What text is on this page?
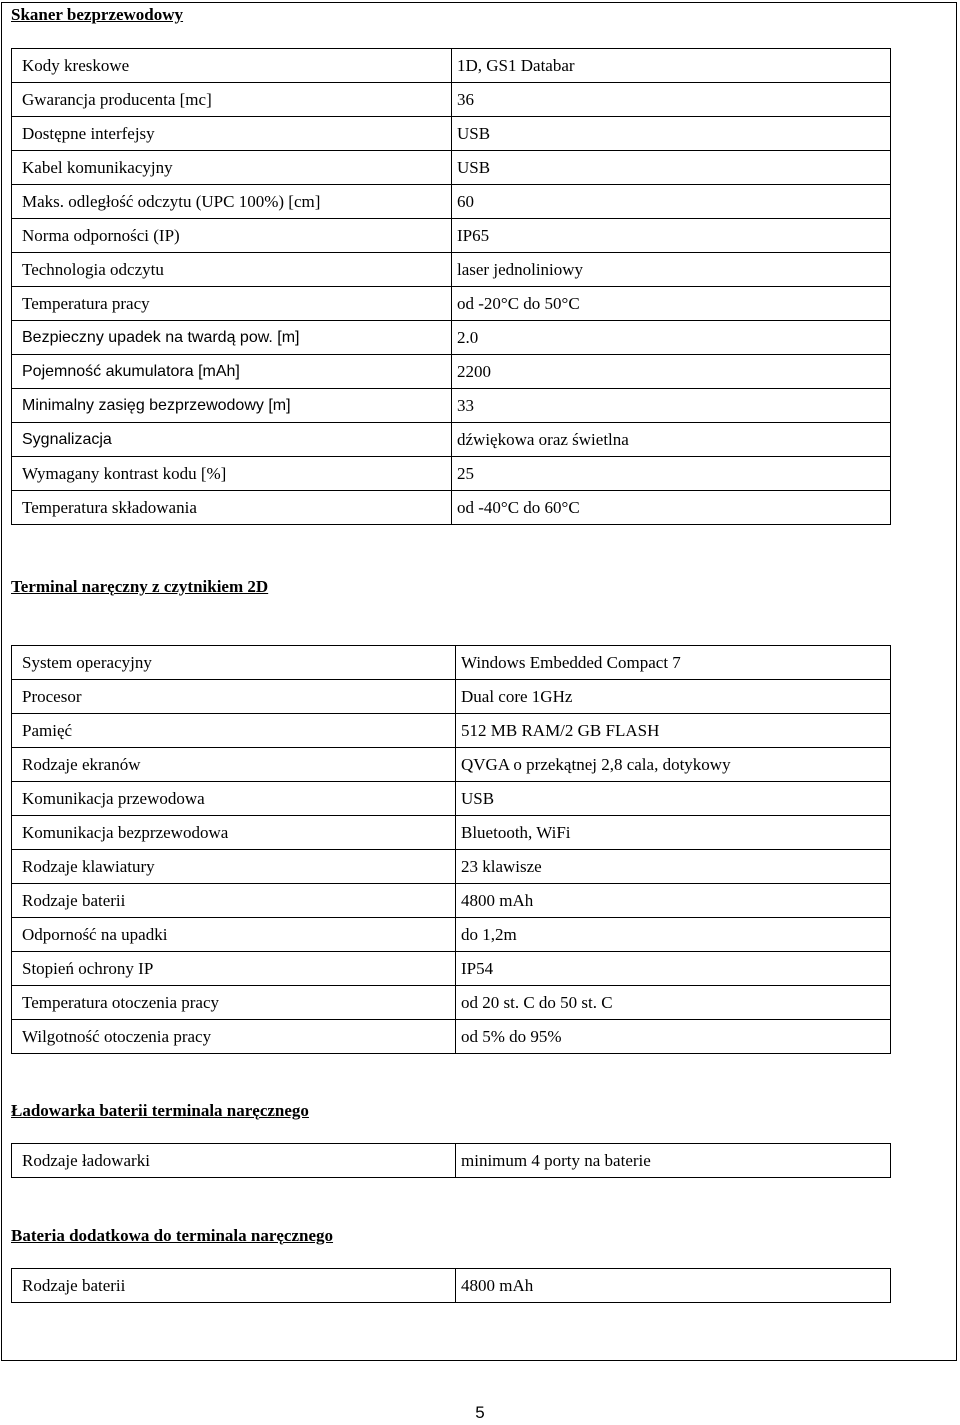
Skaner bezprzewodowy
Kody kreskowe	1D, GS1 Databar
Gwarancja producenta [mc]	36
Dostępne interfejsy	USB
Kabel komunikacyjny	USB
Maks. odległość odczytu (UPC 100%) [cm]	60
Norma odporności (IP)	IP65
Technologia odczytu	laser jednoliniowy
Temperatura pracy	od -20°C do 50°C
Bezpieczny upadek na twardą pow. [m]	2.0
Pojemność akumulatora [mAh]	2200
Minimalny zasięg bezprzewodowy [m]	33
Sygnalizacja	dźwiękowa oraz świetlna
Wymagany kontrast kodu [%]	25
Temperatura składowania	od -40°C do 60°C
Terminal naręczny z czytnikiem 2D
System operacyjny	Windows Embedded Compact 7
Procesor	Dual core 1GHz
Pamięć	512 MB RAM/2 GB FLASH
Rodzaje ekranów	QVGA o przekątnej 2,8 cala, dotykowy
Komunikacja przewodowa	USB
Komunikacja bezprzewodowa	Bluetooth, WiFi
Rodzaje klawiatury	23 klawisze
Rodzaje baterii	4800 mAh
Odporność na upadki	do 1,2m
Stopień ochrony IP	IP54
Temperatura otoczenia pracy	od 20 st. C do 50 st. C
Wilgotność otoczenia pracy	od 5% do 95%
Ładowarka baterii terminala naręcznego
Rodzaje ładowarki	minimum 4 porty na baterie
Bateria dodatkowa do terminala naręcznego
Rodzaje baterii	4800 mAh
5
